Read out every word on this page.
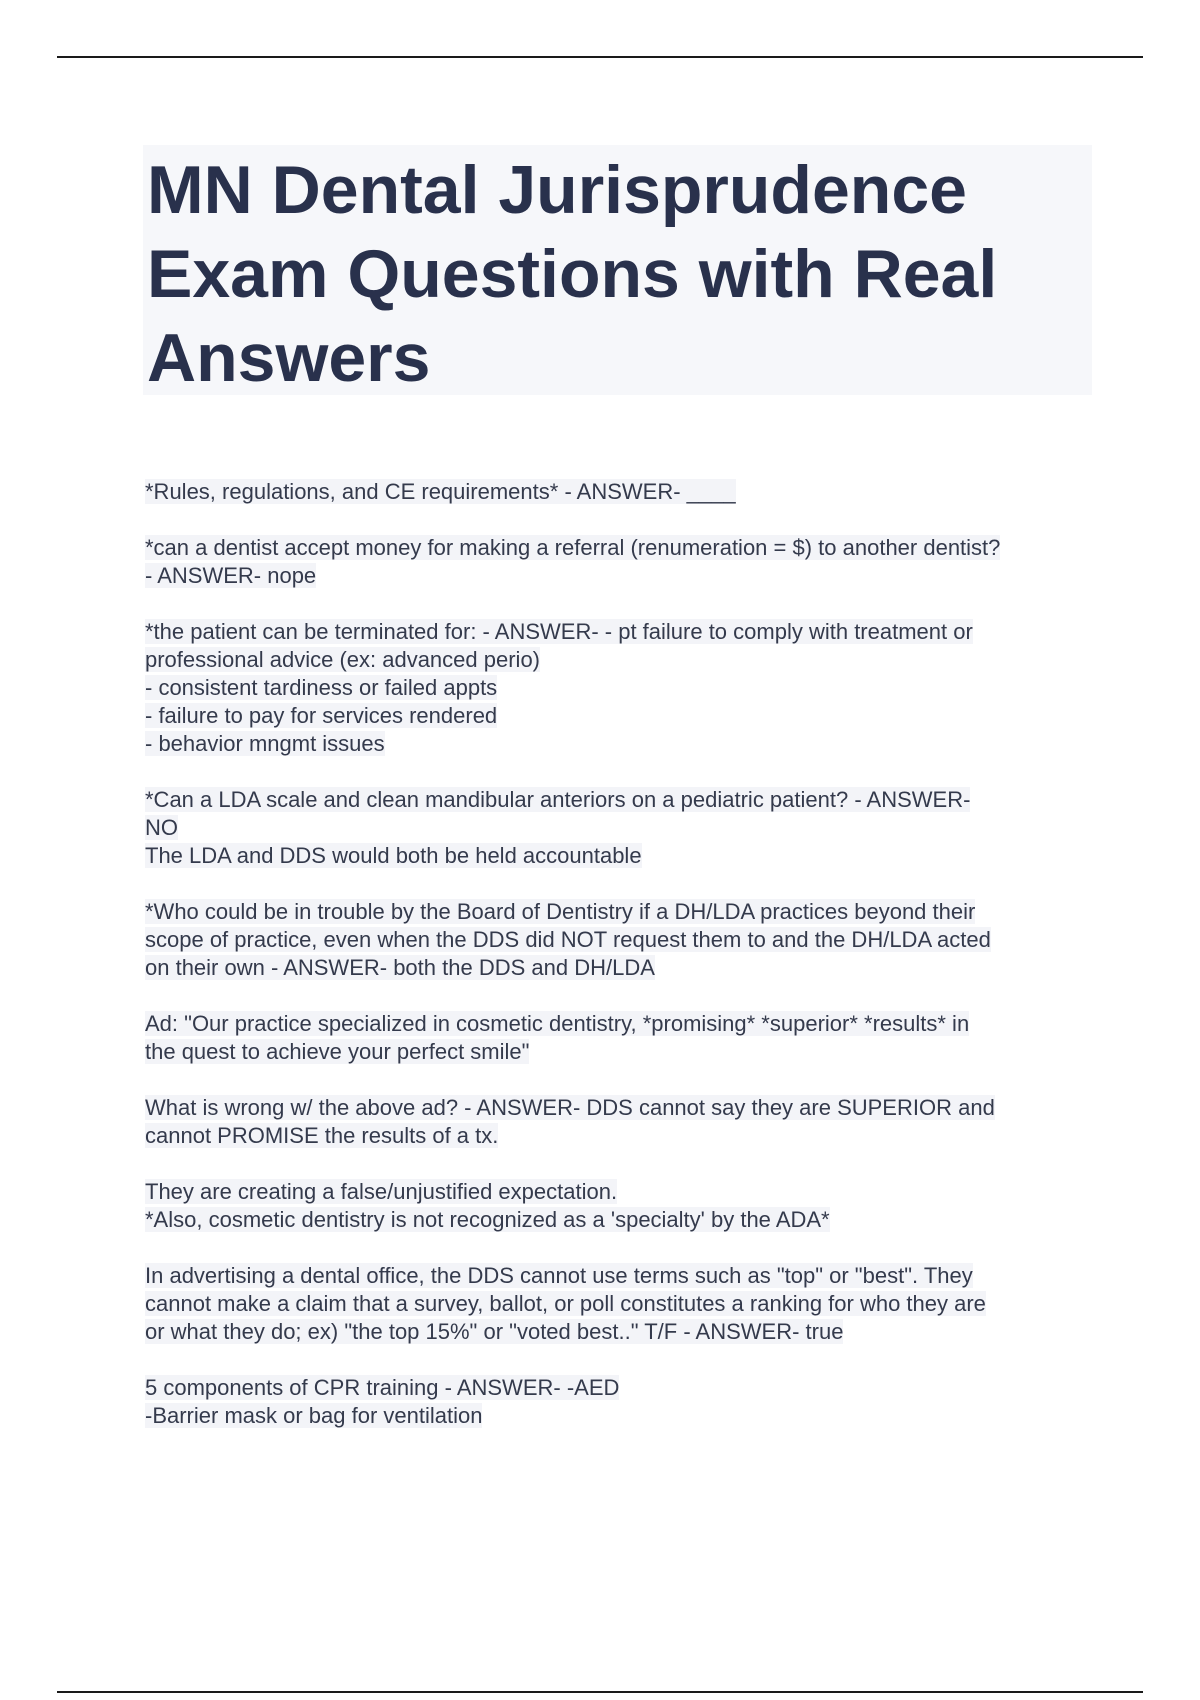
MN Dental Jurisprudence
Exam Questions with Real
Answers
*Rules, regulations, and CE requirements* - ANSWER- ____
*can a dentist accept money for making a referral (renumeration = $) to another dentist?
- ANSWER- nope
*the patient can be terminated for: - ANSWER- - pt failure to comply with treatment or
professional advice (ex: advanced perio)
- consistent tardiness or failed appts
- failure to pay for services rendered
- behavior mngmt issues
*Can a LDA scale and clean mandibular anteriors on a pediatric patient? - ANSWER-
NO
The LDA and DDS would both be held accountable
*Who could be in trouble by the Board of Dentistry if a DH/LDA practices beyond their
scope of practice, even when the DDS did NOT request them to and the DH/LDA acted
on their own - ANSWER- both the DDS and DH/LDA
Ad: "Our practice specialized in cosmetic dentistry, *promising* *superior* *results* in
the quest to achieve your perfect smile"
What is wrong w/ the above ad? - ANSWER- DDS cannot say they are SUPERIOR and
cannot PROMISE the results of a tx.
They are creating a false/unjustified expectation.
*Also, cosmetic dentistry is not recognized as a 'specialty' by the ADA*
In advertising a dental office, the DDS cannot use terms such as "top" or "best". They
cannot make a claim that a survey, ballot, or poll constitutes a ranking for who they are
or what they do; ex) "the top 15%" or "voted best.." T/F - ANSWER- true
5 components of CPR training - ANSWER- -AED
-Barrier mask or bag for ventilation
